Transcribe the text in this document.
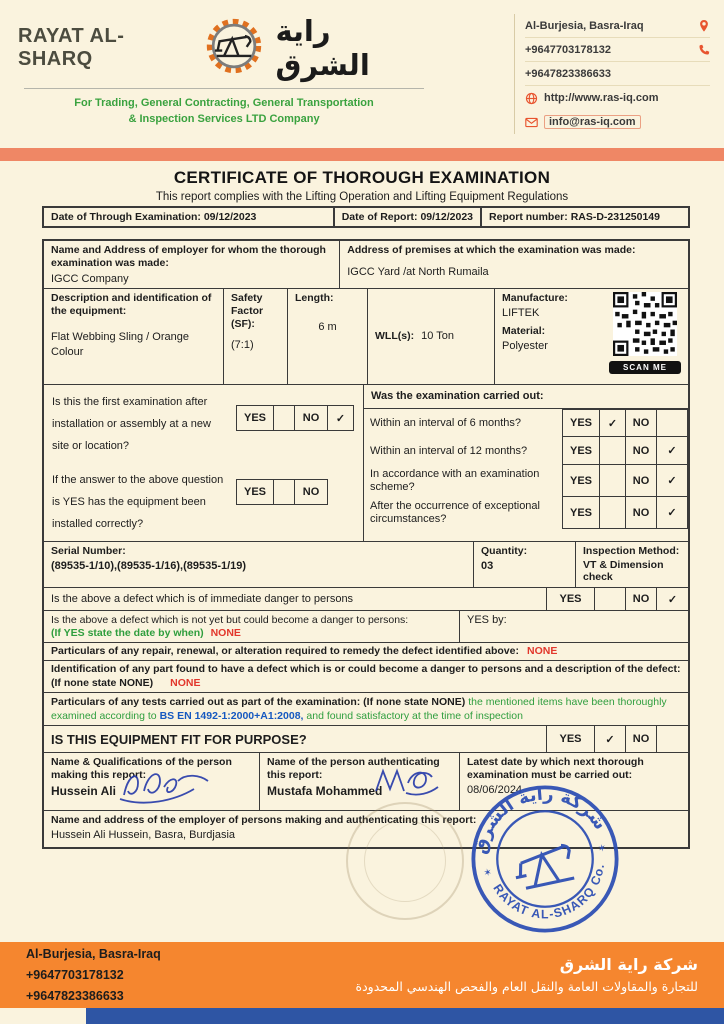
RAYAT AL-SHARQ
راية الشرق
For Trading, General Contracting, General Transportation
& Inspection Services LTD Company
Al-Burjesia, Basra-Iraq
+9647703178132
+9647823386633
http://www.ras-iq.com
info@ras-iq.com
CERTIFICATE OF THOROUGH EXAMINATION
This report complies with the Lifting Operation and Lifting Equipment Regulations
Date of Through Examination: 09/12/2023	Date of Report: 09/12/2023	Report number: RAS-D-231250149
Name and Address of employer for whom the thorough examination was made:
IGCC Company
Address of premises at which the examination was made:
IGCC Yard /at North Rumaila
Description and identification of the equipment:
Flat Webbing Sling / Orange Colour
Safety Factor (SF):
(7:1)
Length:
6 m
WLL(s): 10 Ton
Manufacture:
LIFTEK
Material:
Polyester
SCAN ME
Is this the first examination after installation or assembly at a new site or location?
YES	NO	✓
If the answer to the above question is YES has the equipment been installed correctly?
YES	NO
Was the examination carried out:
Within an interval of 6 months?	YES	✓	NO
Within an interval of 12 months?	YES	NO	✓
In accordance with an examination scheme?
YES	NO	✓
After the occurrence of exceptional circumstances?
YES	NO	✓
Serial Number:
(89535-1/10),(89535-1/16),(89535-1/19)
Quantity:
03
Inspection Method:
VT & Dimension check
Is the above a defect which is of immediate danger to persons	YES	NO	✓
Is the above a defect which is not yet but could become a danger to persons:
(If YES state the date by when) NONE
YES by:
Particulars of any repair, renewal, or alteration required to remedy the defect identified above: NONE
Identification of any part found to have a defect which is or could become a danger to persons and a description of the defect:
(If none state NONE) NONE
Particulars of any tests carried out as part of the examination: (If none state NONE) the mentioned items have been thoroughly examined according to BS EN 1492-1:2000+A1:2008, and found satisfactory at the time of inspection
IS THIS EQUIPMENT FIT FOR PURPOSE?	YES	✓	NO
Name & Qualifications of the person making this report:
Hussein Ali
Name of the person authenticating this report:
Mustafa Mohammed
Latest date by which next thorough examination must be carried out:
08/06/2024
Name and address of the employer of persons making and authenticating this report:
Hussein Ali Hussein, Basra, Burdjasia
شركة راية الشرق
RAYAT AL-SHARQ Co.
✶
✶
Al-Burjesia, Basra-Iraq
+9647703178132
+9647823386633
شركة راية الشرق
للتجارة والمقاولات العامة والنقل العام والفحص الهندسي المحدودة
